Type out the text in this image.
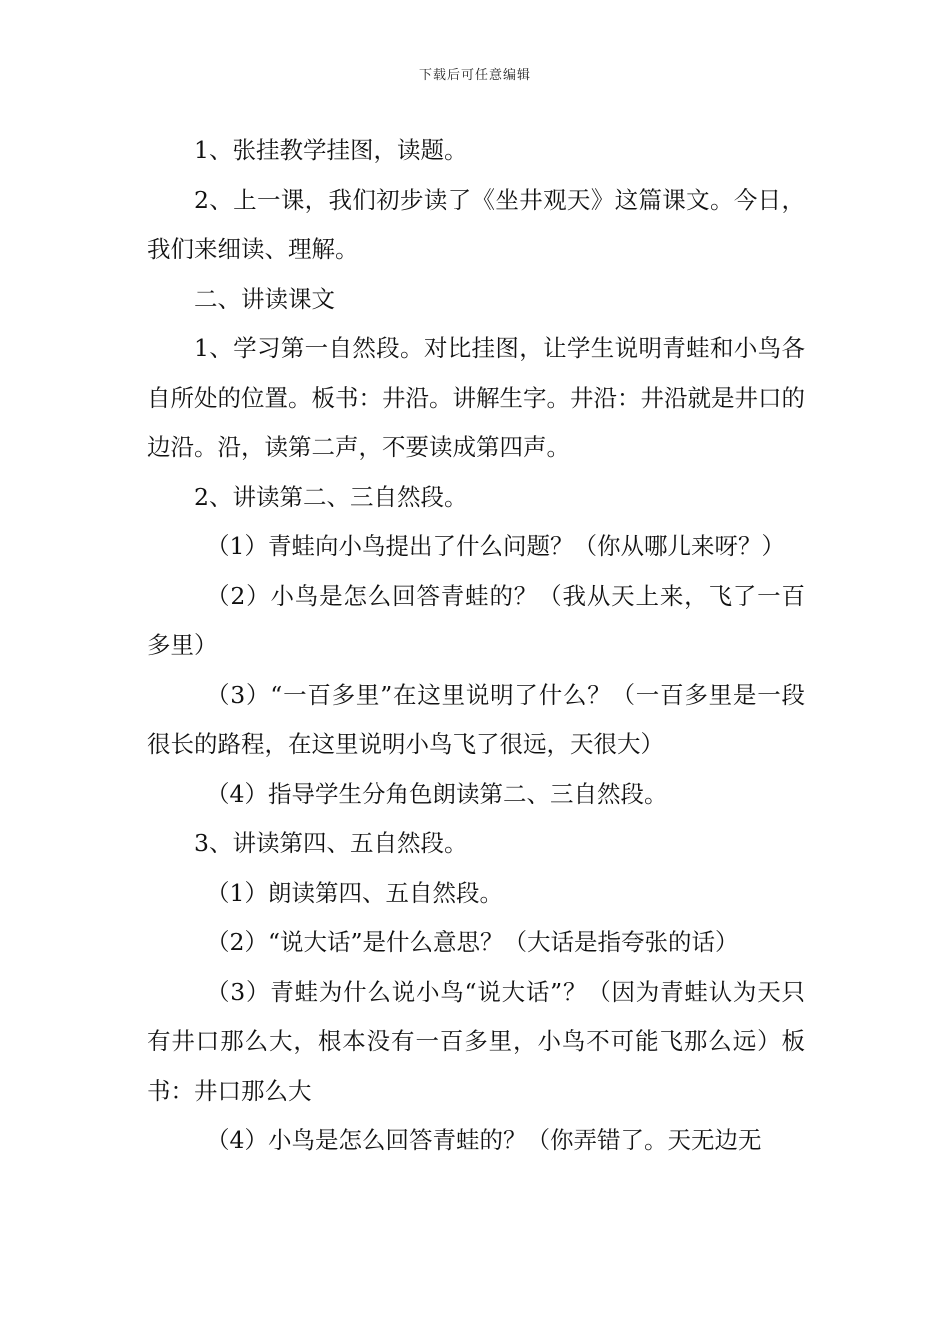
下载后可任意编辑

1、张挂教学挂图，读题。

2、上一课，我们初步读了《坐井观天》这篇课文。今日，我们来细读、理解。

二、讲读课文

1、学习第一自然段。对比挂图，让学生说明青蛙和小鸟各自所处的位置。板书：井沿。讲解生字。井沿：井沿就是井口的边沿。沿，读第二声，不要读成第四声。

2、讲读第二、三自然段。

（1）青蛙向小鸟提出了什么问题？（你从哪儿来呀？）

（2）小鸟是怎么回答青蛙的？（我从天上来，飞了一百多里）

（3）“一百多里”在这里说明了什么？（一百多里是一段很长的路程，在这里说明小鸟飞了很远，天很大）

（4）指导学生分角色朗读第二、三自然段。

3、讲读第四、五自然段。

（1）朗读第四、五自然段。

（2）“说大话”是什么意思？（大话是指夸张的话）

（3）青蛙为什么说小鸟“说大话”？（因为青蛙认为天只有井口那么大，根本没有一百多里，小鸟不可能飞那么远）板书：井口那么大

（4）小鸟是怎么回答青蛙的？（你弄错了。天无边无
